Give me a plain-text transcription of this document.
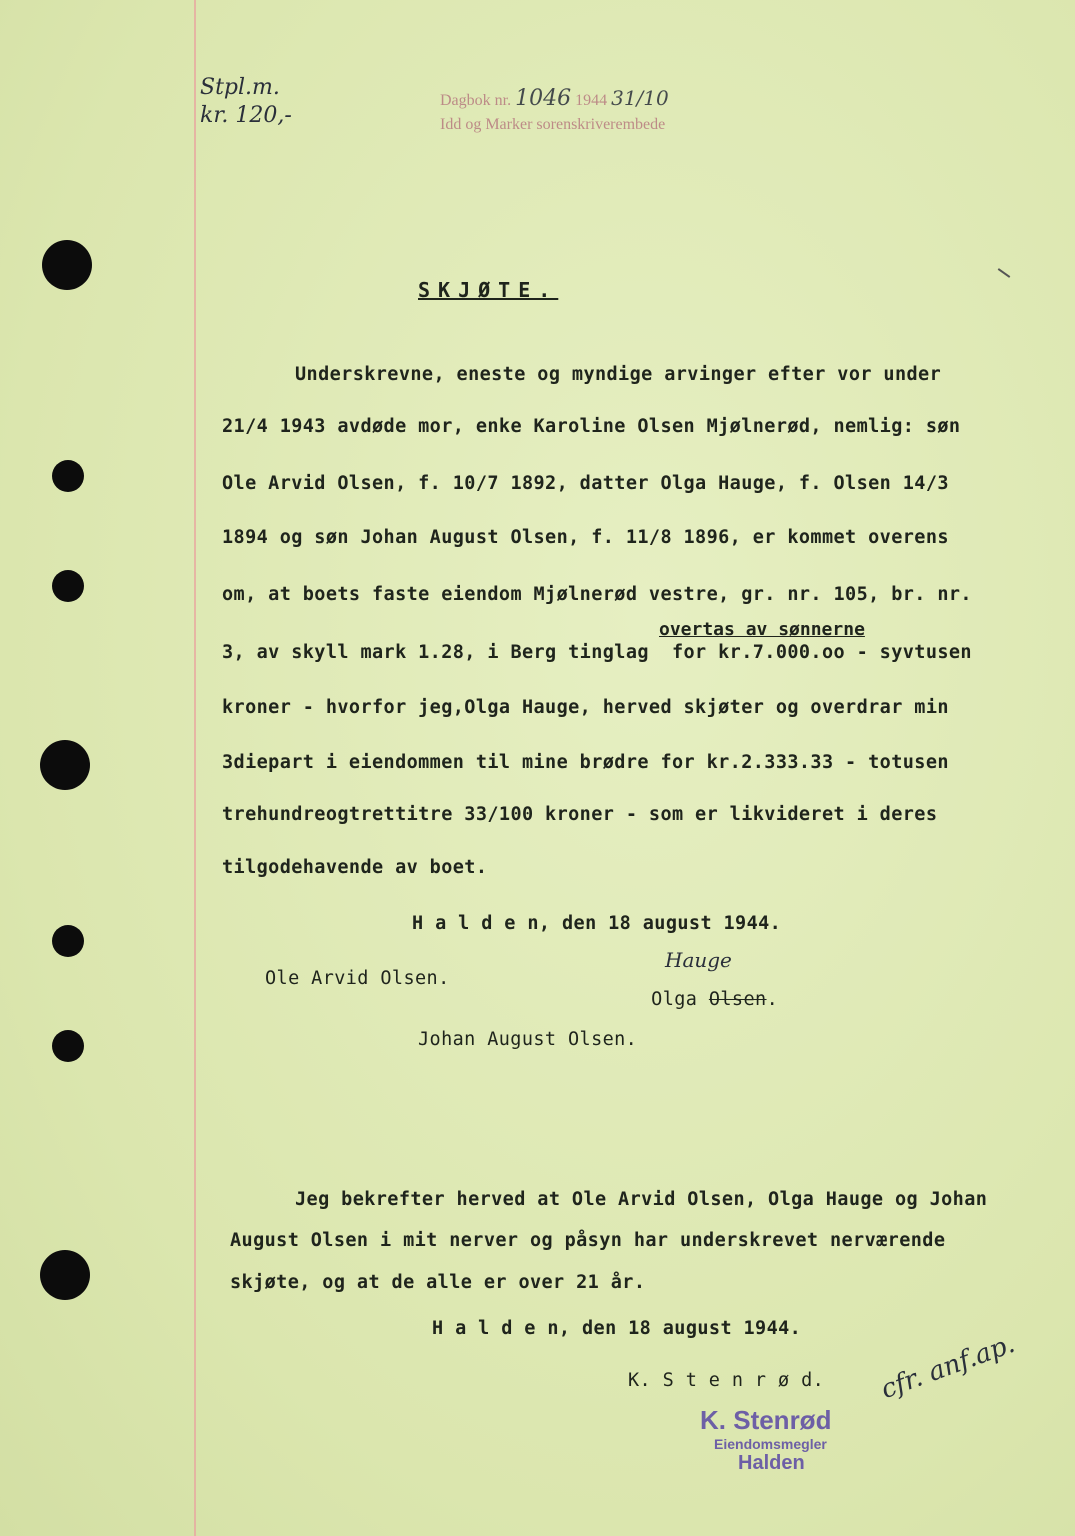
Stpl.m.
kr. 120,-
Dagbok nr. 1046 1944 31/10
Idd og Marker sorenskriverembede
SKJØTE.
Underskrevne, eneste og myndige arvinger efter vor under
21/4 1943 avdøde mor, enke Karoline Olsen Mjølnerød, nemlig: søn
Ole Arvid Olsen, f. 10/7 1892, datter Olga Hauge, f. Olsen 14/3
1894 og søn Johan August Olsen, f. 11/8 1896, er kommet overens
om, at boets faste eiendom Mjølnerød vestre, gr. nr. 105, br. nr.
overtas av sønnerne
3, av skyll mark 1.28, i Berg tinglag  for kr.7.000.oo - syvtusen
kroner - hvorfor jeg,Olga Hauge, herved skjøter og overdrar min
3diepart i eiendommen til mine brødre for kr.2.333.33 - totusen
trehundreogtrettitre 33/100 kroner - som er likvideret i deres
tilgodehavende av boet.
H a l d e n, den 18 august 1944.
Ole Arvid Olsen.

Olga Olsen.

Hauge
Johan August Olsen.
Jeg bekrefter herved at Ole Arvid Olsen, Olga Hauge og Johan
August Olsen i mit nerver og påsyn har underskrevet nerværende
skjøte, og at de alle er over 21 år.
H a l d e n, den 18 august 1944.
K. S t e n r ø d. cfr. anf.ap.
K. Stenrød
Eiendomsmegler
Halden
